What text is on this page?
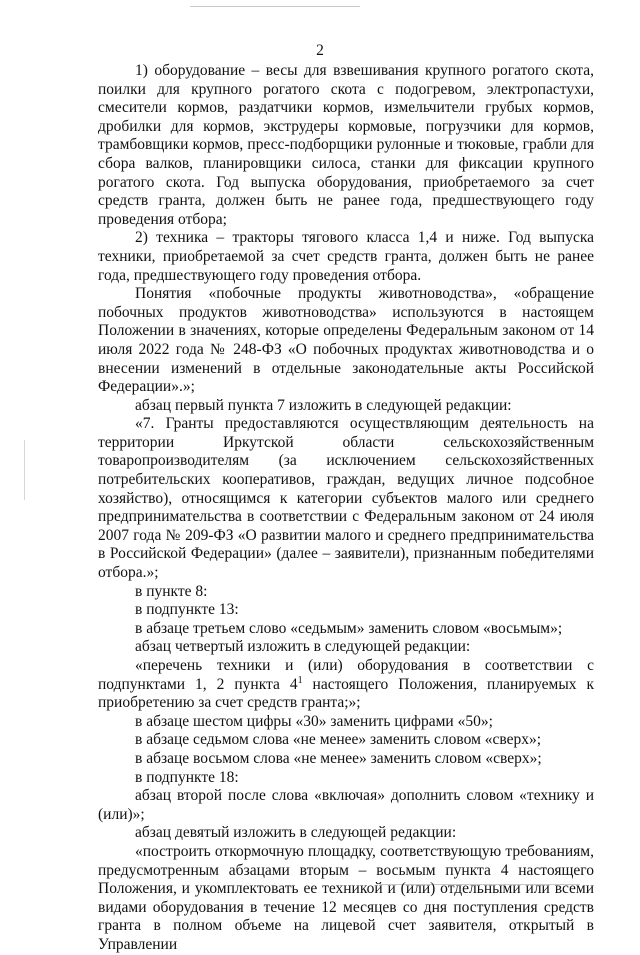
2

1) оборудование – весы для взвешивания крупного рогатого скота, поилки для крупного рогатого скота с подогревом, электропастухи, смесители кормов, раздатчики кормов, измельчители грубых кормов, дробилки для кормов, экструдеры кормовые, погрузчики для кормов, трамбовщики кормов, пресс-подборщики рулонные и тюковые, грабли для сбора валков, планировщики силоса, станки для фиксации крупного рогатого скота. Год выпуска оборудования, приобретаемого за счет средств гранта, должен быть не ранее года, предшествующего году проведения отбора;

2) техника – тракторы тягового класса 1,4 и ниже. Год выпуска техники, приобретаемой за счет средств гранта, должен быть не ранее года, предшествующего году проведения отбора.

Понятия «побочные продукты животноводства», «обращение побочных продуктов животноводства» используются в настоящем Положении в значениях, которые определены Федеральным законом от 14 июля 2022 года № 248-ФЗ «О побочных продуктах животноводства и о внесении изменений в отдельные законодательные акты Российской Федерации».»;

абзац первый пункта 7 изложить в следующей редакции:

«7. Гранты предоставляются осуществляющим деятельность на территории Иркутской области сельскохозяйственным товаропроизводителям (за исключением сельскохозяйственных потребительских кооперативов, граждан, ведущих личное подсобное хозяйство), относящимся к категории субъектов малого или среднего предпринимательства в соответствии с Федеральным законом от 24 июля 2007 года № 209-ФЗ «О развитии малого и среднего предпринимательства в Российской Федерации» (далее – заявители), признанным победителями отбора.»;

в пункте 8:

в подпункте 13:

в абзаце третьем слово «седьмым» заменить словом «восьмым»;

абзац четвертый изложить в следующей редакции:

«перечень техники и (или) оборудования в соответствии с подпунктами 1, 2 пункта $4^1$ настоящего Положения, планируемых к приобретению за счет средств гранта;»;

в абзаце шестом цифры «30» заменить цифрами «50»;

в абзаце седьмом слова «не менее» заменить словом «сверх»;

в абзаце восьмом слова «не менее» заменить словом «сверх»;

в подпункте 18:

абзац второй после слова «включая» дополнить словом «технику и (или)»;

абзац девятый изложить в следующей редакции:

«построить откормочную площадку, соответствующую требованиям, предусмотренным абзацами вторым – восьмым пункта 4 настоящего Положения, и укомплектовать ее техникой и (или) отдельными или всеми видами оборудования в течение 12 месяцев со дня поступления средств гранта в полном объеме на лицевой счет заявителя, открытый в Управлении
